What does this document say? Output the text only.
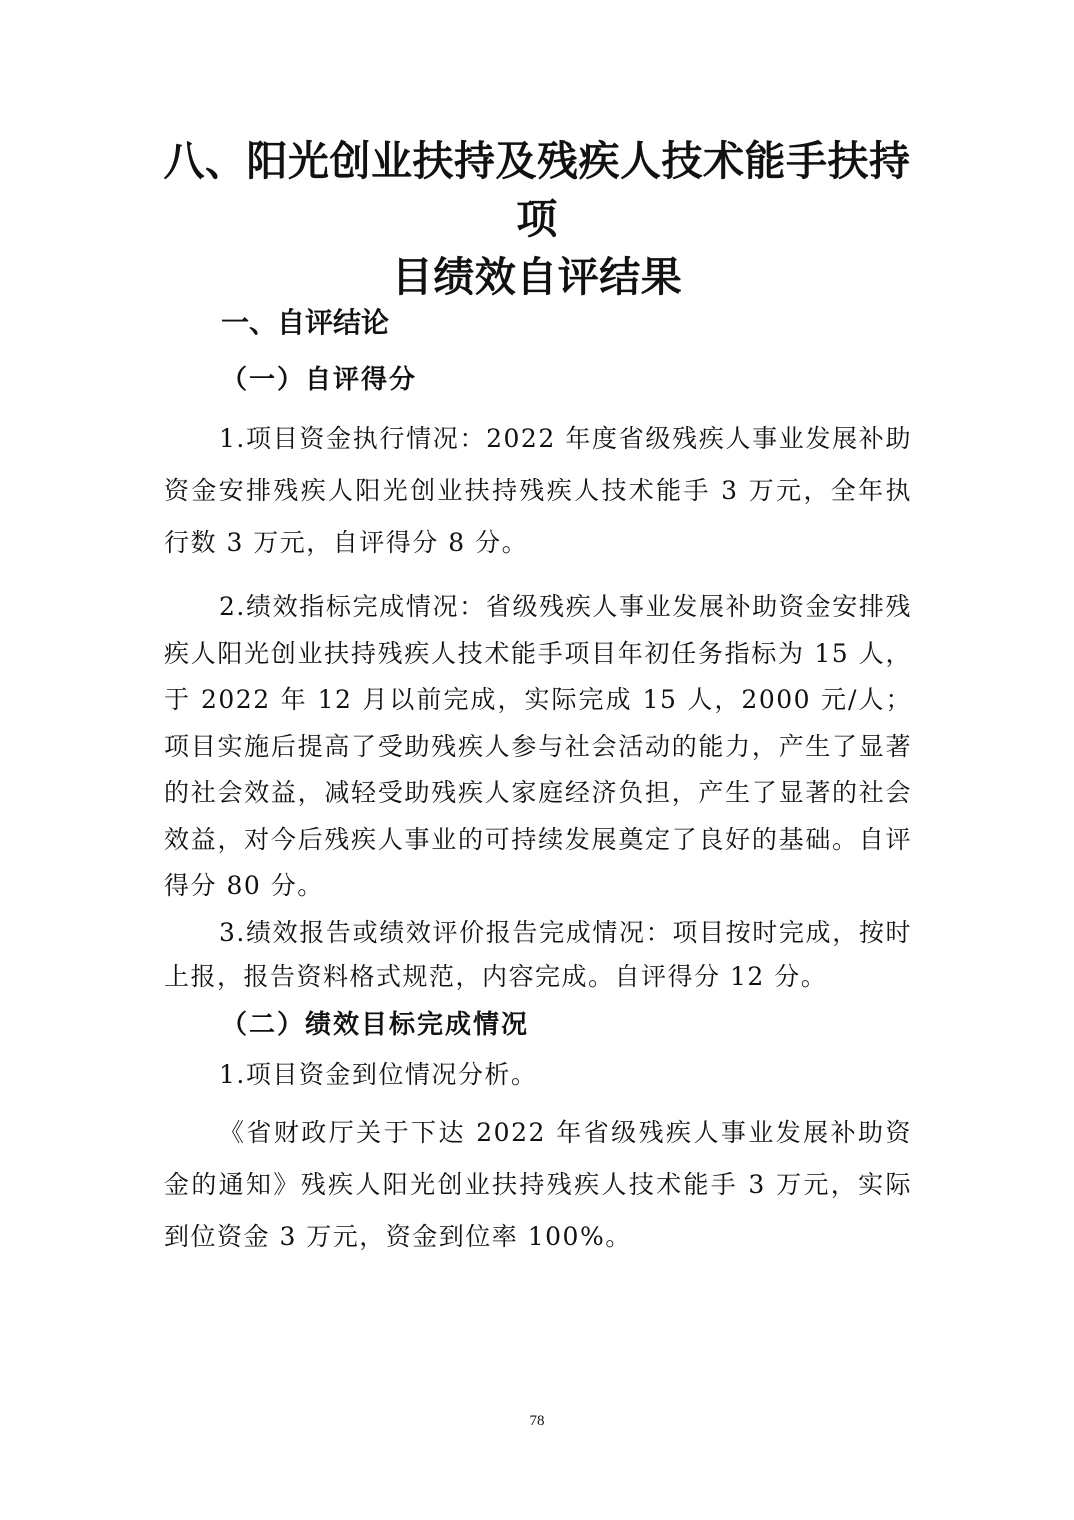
八、阳光创业扶持及残疾人技术能手扶持项
目绩效自评结果
一、自评结论
（一）自评得分

1.项目资金执行情况：2022 年度省级残疾人事业发展补助资金安排残疾人阳光创业扶持残疾人技术能手 3 万元，全年执行数 3 万元，自评得分 8 分。

2.绩效指标完成情况：省级残疾人事业发展补助资金安排残疾人阳光创业扶持残疾人技术能手项目年初任务指标为 15 人，于 2022 年 12 月以前完成，实际完成 15 人，2000 元/人；项目实施后提高了受助残疾人参与社会活动的能力，产生了显著的社会效益，减轻受助残疾人家庭经济负担，产生了显著的社会效益，对今后残疾人事业的可持续发展奠定了良好的基础。自评得分 80 分。

3.绩效报告或绩效评价报告完成情况：项目按时完成，按时上报，报告资料格式规范，内容完成。自评得分 12 分。

（二）绩效目标完成情况

1.项目资金到位情况分析。

《省财政厅关于下达 2022 年省级残疾人事业发展补助资金的通知》残疾人阳光创业扶持残疾人技术能手 3 万元，实际到位资金 3 万元，资金到位率 100%。

78
